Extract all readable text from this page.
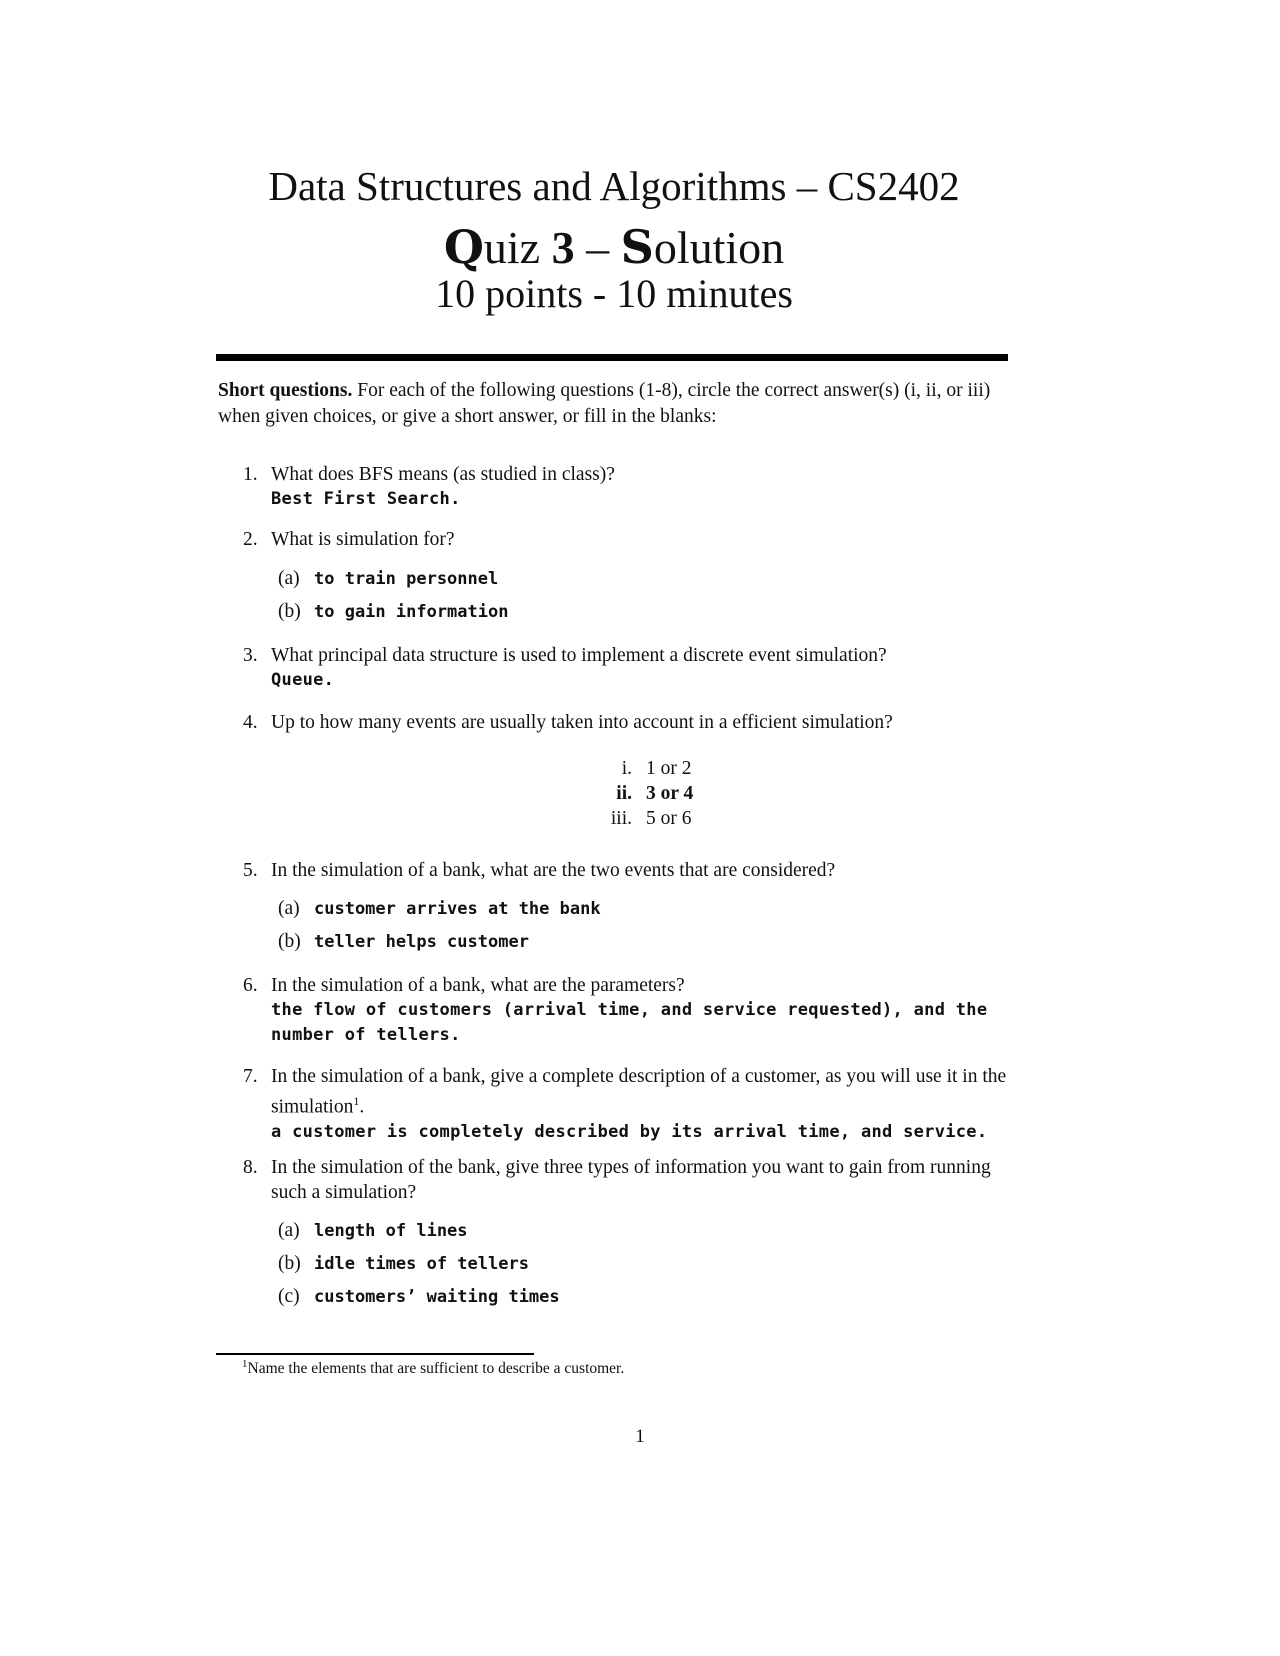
Data Structures and Algorithms – CS2402
Quiz 3 – Solution
10 points - 10 minutes
Short questions. For each of the following questions (1-8), circle the correct answer(s) (i, ii, or iii) when given choices, or give a short answer, or fill in the blanks:
1. What does BFS means (as studied in class)?
Best First Search.
2. What is simulation for?
(a) to train personnel
(b) to gain information
3. What principal data structure is used to implement a discrete event simulation?
Queue.
4. Up to how many events are usually taken into account in a efficient simulation?
i. 1 or 2
ii. 3 or 4
iii. 5 or 6
5. In the simulation of a bank, what are the two events that are considered?
(a) customer arrives at the bank
(b) teller helps customer
6. In the simulation of a bank, what are the parameters?
the flow of customers (arrival time, and service requested), and the number of tellers.
7. In the simulation of a bank, give a complete description of a customer, as you will use it in the simulation$^1$.
a customer is completely described by its arrival time, and service.
8. In the simulation of the bank, give three types of information you want to gain from running such a simulation?
(a) length of lines
(b) idle times of tellers
(c) customers’ waiting times
$^1$Name the elements that are sufficient to describe a customer.
1
